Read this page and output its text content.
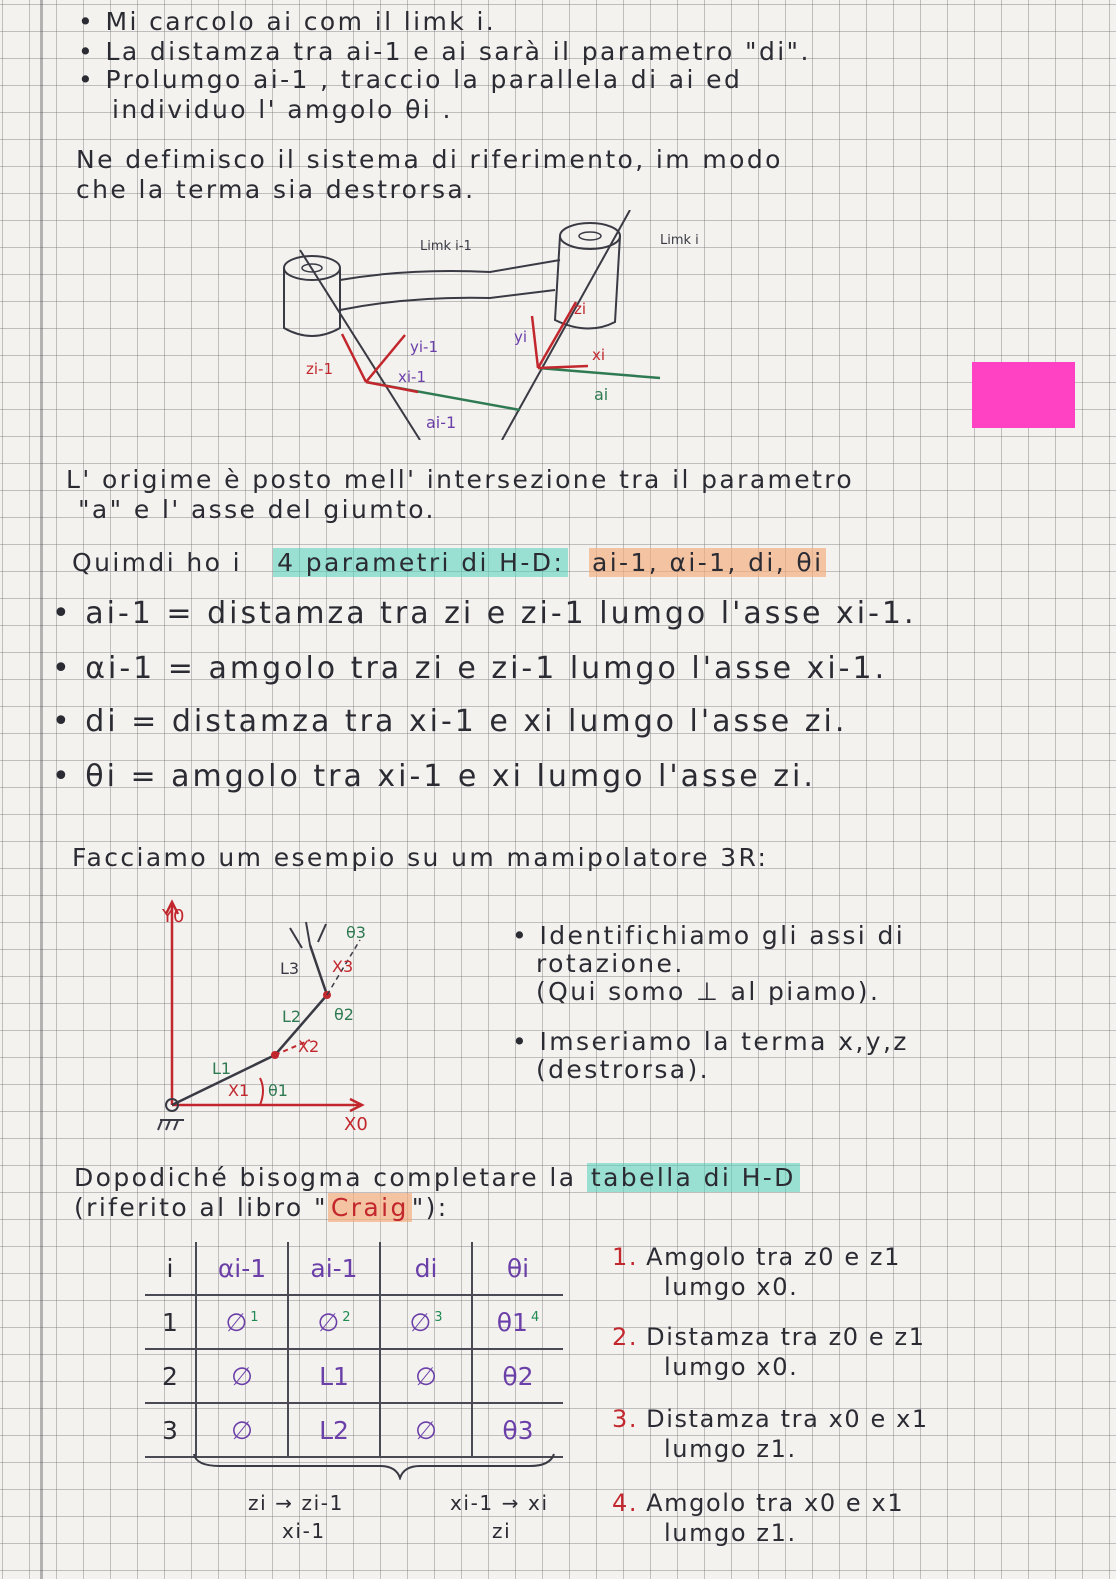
• Mi carcolo ai com il limk i.
• La distamza tra ai-1 e ai sarà il parametro "di".
• Prolumgo ai-1 , traccio la parallela di ai ed
individuo l' amgolo θi .
Ne defimisco il sistema di riferimento, im modo
che la terma sia destrorsa.
Limk i-1	Limk i
zi-1
yi-1
xi-1
ai-1
zi
yi
xi
ai
L' origime è posto mell' intersezione tra il parametro
"a" e l' asse del giumto.
Quimdi ho i 4 parametri di H-D: ai-1, αi-1, di, θi
• ai-1 = distamza tra zi e zi-1 lumgo l'asse xi-1.
• αi-1 = amgolo tra zi e zi-1 lumgo l'asse xi-1.
• di = distamza tra xi-1 e xi lumgo l'asse zi.
• θi = amgolo tra xi-1 e xi lumgo l'asse zi.
Facciamo um esempio su um mamipolatore 3R:
Y0
X0
L1
L2
L3
X1
X2
X3
θ1
θ2
θ3	• Identifichiamo gli assi di
rotazione.
(Qui somo ⊥ al piamo).
• Imseriamo la terma x,y,z
(destrorsa).
Dopodiché bisogma completare la tabella di H-D
(riferito al libro " Craig "):
i	αi-1	ai-1	di	θi
1	∅ $^1$	∅ $^2$	∅ $^3$	θ1 $^4$
2	∅	L1	∅	θ2
3	∅	L2	∅	θ3
zi → zi-1
xi-1
xi-1 → xi
zi
1. Amgolo tra z0 e z1
lumgo x0.
2. Distamza tra z0 e z1
lumgo x0.
3. Distamza tra x0 e x1
lumgo z1.
4. Amgolo tra x0 e x1
lumgo z1.
